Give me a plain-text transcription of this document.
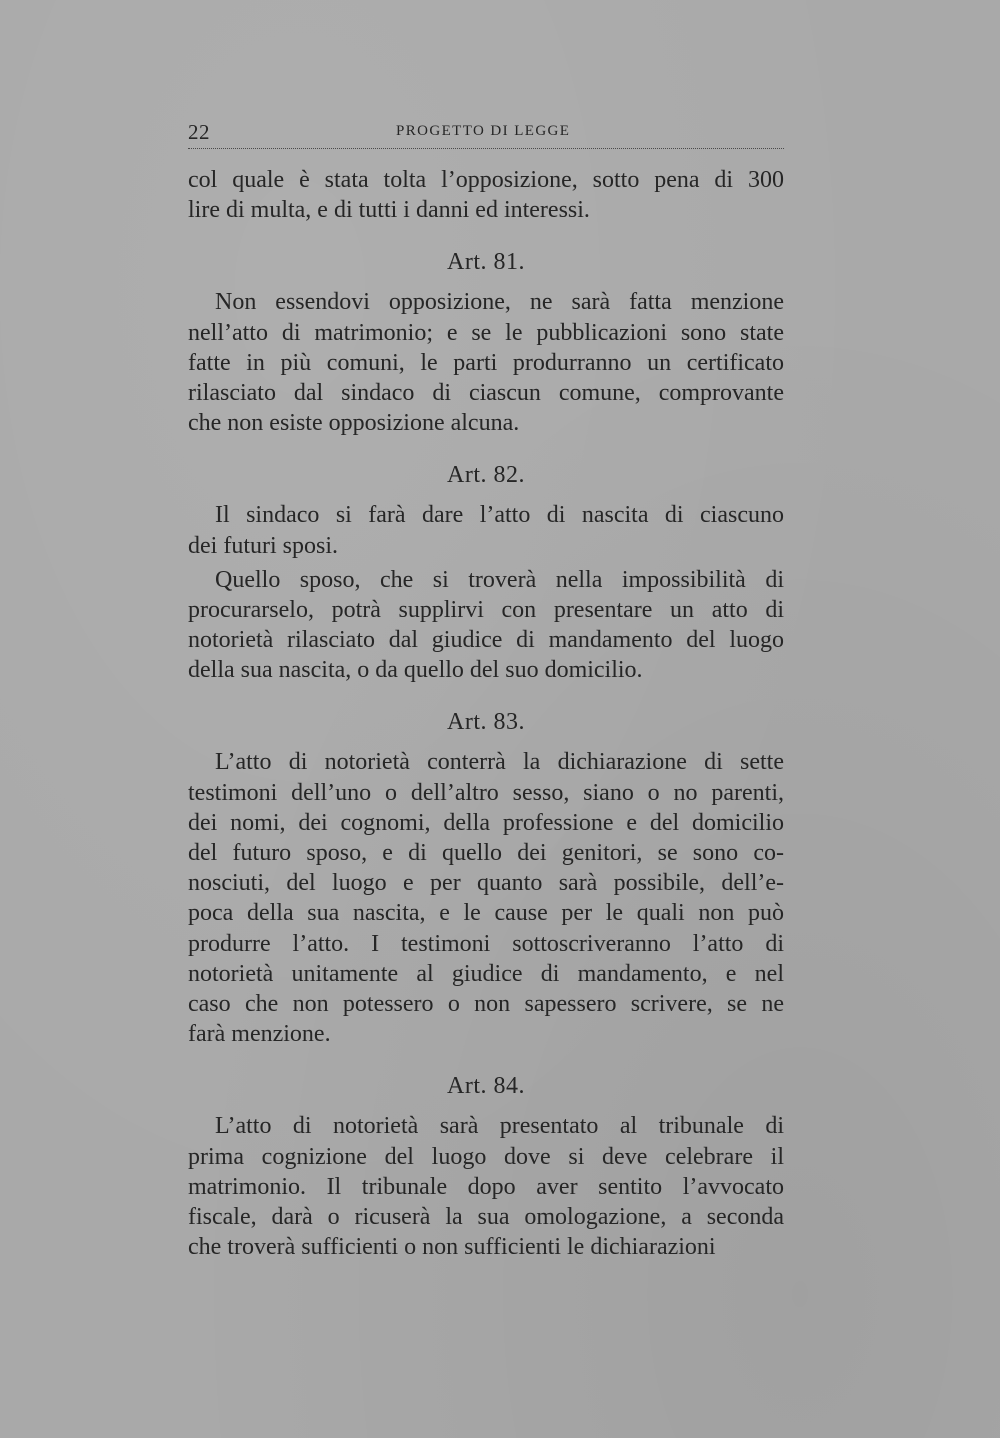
22	PROGETTO DI LEGGE
col quale è stata tolta l’opposizione, sotto pena di 300
lire di multa, e di tutti i danni ed interessi.
Art. 81.
Non essendovi opposizione, ne sarà fatta menzione
nell’atto di matrimonio; e se le pubblicazioni sono state
fatte in più comuni, le parti produrranno un certificato
rilasciato dal sindaco di ciascun comune, comprovante
che non esiste opposizione alcuna.
Art. 82.
Il sindaco si farà dare l’atto di nascita di ciascuno
dei futuri sposi.
Quello sposo, che si troverà nella impossibilità di
procurarselo, potrà supplirvi con presentare un atto di
notorietà rilasciato dal giudice di mandamento del luogo
della sua nascita, o da quello del suo domicilio.
Art. 83.
L’atto di notorietà conterrà la dichiarazione di sette
testimoni dell’uno o dell’altro sesso, siano o no parenti,
dei nomi, dei cognomi, della professione e del domicilio
del futuro sposo, e di quello dei genitori, se sono co-
nosciuti, del luogo e per quanto sarà possibile, dell’e-
poca della sua nascita, e le cause per le quali non può
produrre l’atto. I testimoni sottoscriveranno l’atto di
notorietà unitamente al giudice di mandamento, e nel
caso che non potessero o non sapessero scrivere, se ne
farà menzione.
Art. 84.
L’atto di notorietà sarà presentato al tribunale di
prima cognizione del luogo dove si deve celebrare il
matrimonio. Il tribunale dopo aver sentito l’avvocato
fiscale, darà o ricuserà la sua omologazione, a seconda
che troverà sufficienti o non sufficienti le dichiarazioni
